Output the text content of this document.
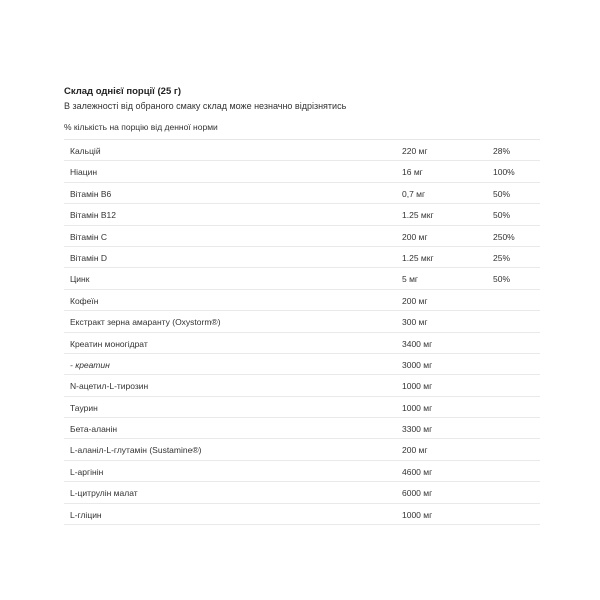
Склад однієї порції (25 г)

В залежності від обраного смаку склад може незначно відрізнятись

% кількість на порцію від денної норми

Кальцій	220 мг	28%
Ніацин	16 мг	100%
Вітамін B6	0,7 мг	50%
Вітамін B12	1.25 мкг	50%
Вітамін C	200 мг	250%
Вітамін D	1.25 мкг	25%
Цинк	5 мг	50%
Кофеїн	200 мг
Екстракт зерна амаранту (Oxystorm®)	300 мг
Креатин моногідрат	3400 мг
- креатин	3000 мг
N-ацетил-L-тирозин	1000 мг
Таурин	1000 мг
Бета-аланін	3300 мг
L-аланіл-L-глутамін (Sustamine®)	200 мг
L-аргінін	4600 мг
L-цитрулін малат	6000 мг
L-гліцин	1000 мг
